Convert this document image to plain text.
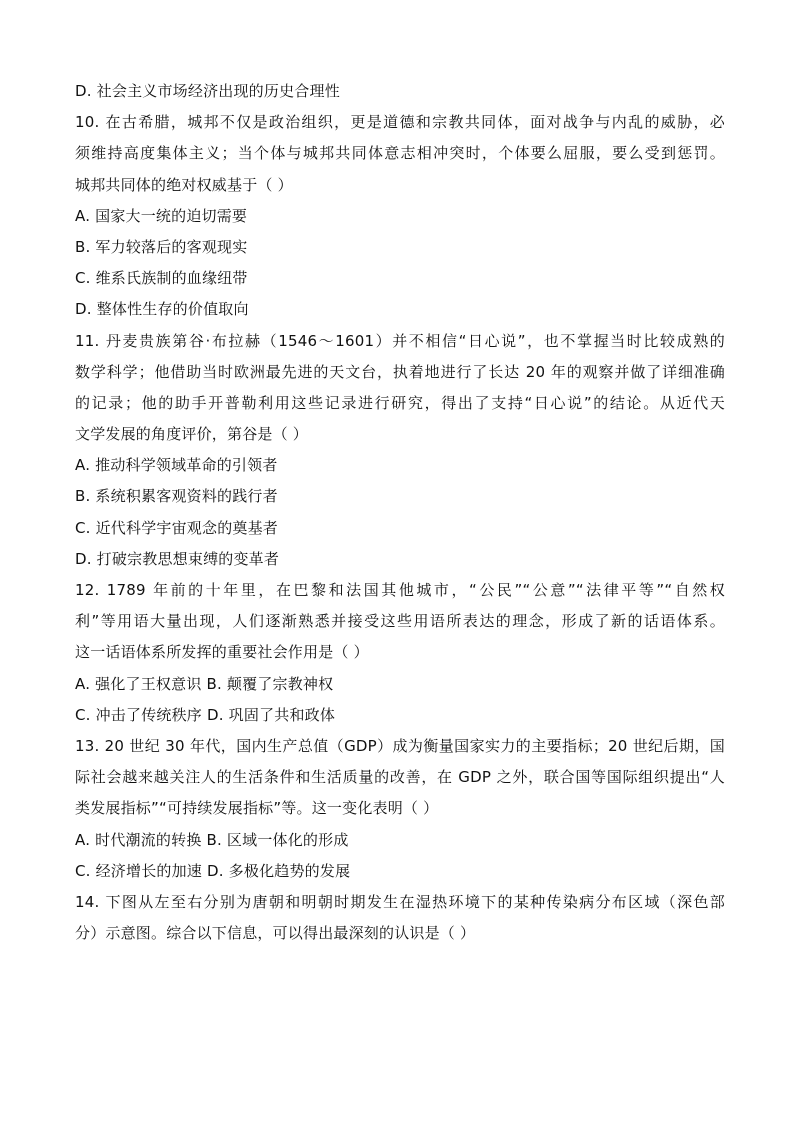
D. 社会主义市场经济出现的历史合理性
10. 在古希腊，城邦不仅是政治组织，更是道德和宗教共同体，面对战争与内乱的威胁，必
须维持高度集体主义；当个体与城邦共同体意志相冲突时，个体要么屈服，要么受到惩罚。
城邦共同体的绝对权威基于（ ）
A. 国家大一统的迫切需要
B. 军力较落后的客观现实
C. 维系氏族制的血缘纽带
D. 整体性生存的价值取向
11. 丹麦贵族第谷·布拉赫（1546～1601）并不相信“日心说”，也不掌握当时比较成熟的
数学科学；他借助当时欧洲最先进的天文台，执着地进行了长达 20 年的观察并做了详细准确
的记录；他的助手开普勒利用这些记录进行研究，得出了支持“日心说”的结论。从近代天
文学发展的角度评价，第谷是（ ）
A. 推动科学领域革命的引领者
B. 系统积累客观资料的践行者
C. 近代科学宇宙观念的奠基者
D. 打破宗教思想束缚的变革者
12. 1789 年前的十年里，在巴黎和法国其他城市，“公民”“公意”“法律平等”“自然权
利”等用语大量出现，人们逐渐熟悉并接受这些用语所表达的理念，形成了新的话语体系。
这一话语体系所发挥的重要社会作用是（ ）
A. 强化了王权意识 B. 颠覆了宗教神权
C. 冲击了传统秩序 D. 巩固了共和政体
13. 20 世纪 30 年代，国内生产总值（GDP）成为衡量国家实力的主要指标；20 世纪后期，国
际社会越来越关注人的生活条件和生活质量的改善，在 GDP 之外，联合国等国际组织提出“人
类发展指标”“可持续发展指标”等。这一变化表明（ ）
A. 时代潮流的转换 B. 区域一体化的形成
C. 经济增长的加速 D. 多极化趋势的发展
14. 下图从左至右分别为唐朝和明朝时期发生在湿热环境下的某种传染病分布区域（深色部
分）示意图。综合以下信息，可以得出最深刻的认识是（ ）
